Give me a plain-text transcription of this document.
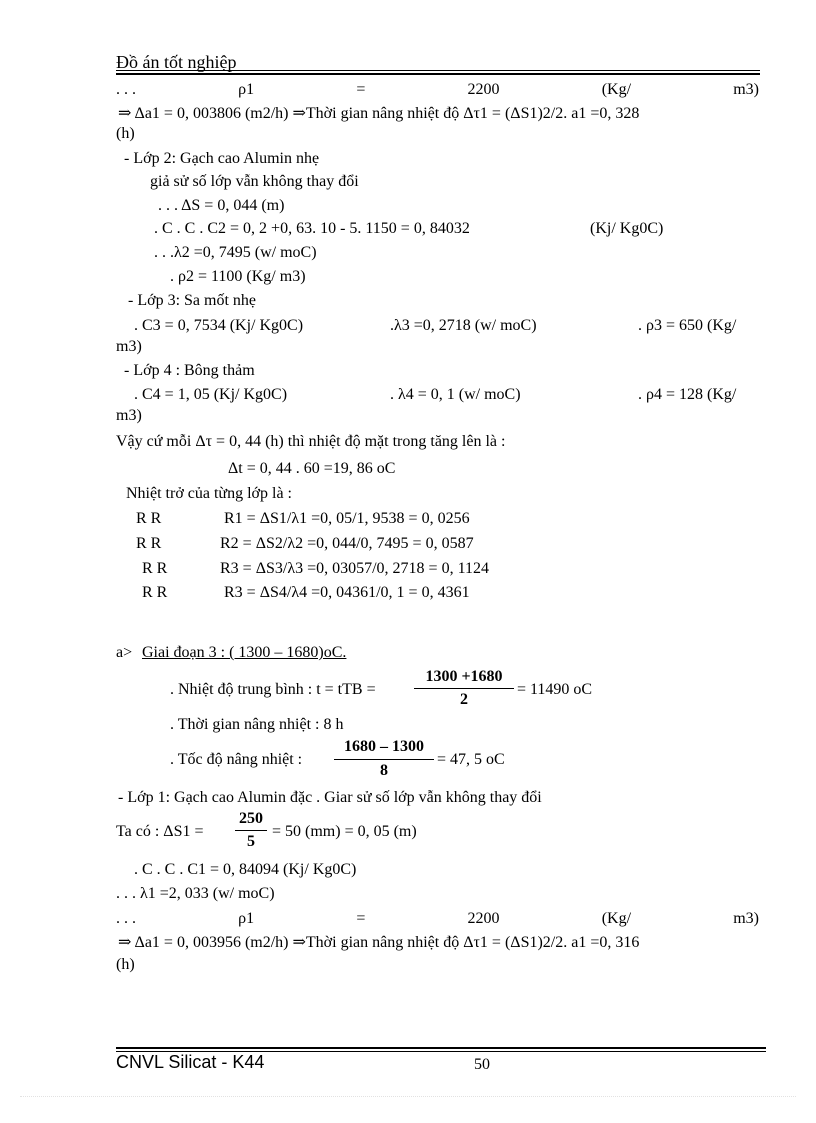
Đồ án tốt nghiệp
. . .	ρ1	=	2200	(Kg/	m3)
⇒ Δa1 = 0, 003806 (m2/h) ⇒Thời gian nâng nhiệt độ Δτ1 = (ΔS1)2/2. a1 =0, 328
(h)
- Lớp 2: Gạch cao Alumin nhẹ
giả sử số lớp vẫn không thay đổi
. . . ΔS = 0, 044 (m)
. C . C . C2 = 0, 2 +0, 63. 10 - 5. 1150 = 0, 84032	(Kj/ Kg0C)
. . .λ2 =0, 7495 (w/ moC)
. ρ2 = 1100 (Kg/ m3)
- Lớp 3: Sa mốt nhẹ
. C3 = 0, 7534 (Kj/ Kg0C)	.λ3 =0, 2718 (w/ moC)	. ρ3 = 650 (Kg/
m3)
- Lớp 4 : Bông thảm
. C4 = 1, 05 (Kj/ Kg0C)	. λ4 = 0, 1 (w/ moC)	. ρ4 = 128 (Kg/
m3)
Vậy cứ mỗi Δτ = 0, 44 (h) thì nhiệt độ mặt trong tăng lên là :
Δt = 0, 44 . 60 =19, 86 oC
Nhiệt trở của từng lớp là :
R R	R1 = ΔS1/λ1 =0, 05/1, 9538 = 0, 0256
R R	R2 = ΔS2/λ2 =0, 044/0, 7495 = 0, 0587
R R	R3 = ΔS3/λ3 =0, 03057/0, 2718 = 0, 1124
R R	R3 = ΔS4/λ4 =0, 04361/0, 1 = 0, 4361
a> Giai đoạn 3 : ( 1300 – 1680)oC.
. Nhiệt độ trung bình : t = tTB =
1300 +1680
2
= 11490 oC
. Thời gian nâng nhiệt : 8 h
. Tốc độ nâng nhiệt :
1680 – 1300
8
= 47, 5 oC
- Lớp 1: Gạch cao Alumin đặc . Giar sử số lớp vẫn không thay đổi
Ta có : ΔS1 =
250
5
= 50 (mm) = 0, 05 (m)
. C . C . C1 = 0, 84094 (Kj/ Kg0C)
. . . λ1 =2, 033 (w/ moC)
. . .	ρ1	=	2200	(Kg/	m3)
⇒ Δa1 = 0, 003956 (m2/h) ⇒Thời gian nâng nhiệt độ Δτ1 = (ΔS1)2/2. a1 =0, 316
(h)
CNVL Silicat - K44	50
